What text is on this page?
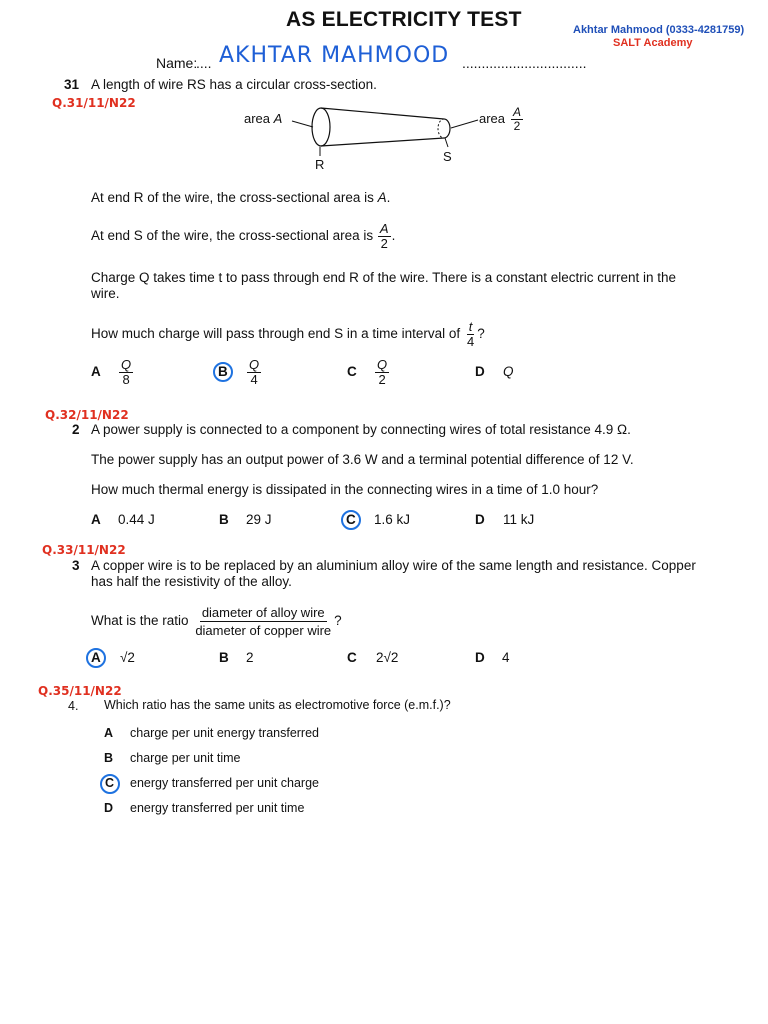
AS ELECTRICITY TEST	Akhtar Mahmood (0333-4281759)
SALT Academy
Name:
.... AKHTAR MAHMOOD ................................
Q.31/11/N22
31 A length of wire RS has a circular cross-section.
area A	area $\frac{A}{2}$
R
S
At end R of the wire, the cross-sectional area is A.
At end S of the wire, the cross-sectional area is $\frac{A}{2}$ .
Charge Q takes time t to pass through end R of the wire. There is a constant electric current in the wire.
How much charge will pass through end S in a time interval of $\frac{t}{4}$ ?
A $\frac{Q}{8}$	B $\frac{Q}{4}$	C $\frac{Q}{2}$	D Q
Q.32/11/N22
2 A power supply is connected to a component by connecting wires of total resistance 4.9 Ω.
The power supply has an output power of 3.6 W and a terminal potential difference of 12 V.
How much thermal energy is dissipated in the connecting wires in a time of 1.0 hour?
A 0.44 J	B 29 J	C 1.6 kJ	D 11 kJ
Q.33/11/N22
3 A copper wire is to be replaced by an aluminium alloy wire of the same length and resistance. Copper has half the resistivity of the alloy.
What is the ratio $\frac{\text{diameter of alloy wire}}{\text{diameter of copper wire}}$ ?
A √2	B 2	C 2√2	D 4
Q.35/11/N22
4. Which ratio has the same units as electromotive force (e.m.f.)?
A charge per unit energy transferred
B charge per unit time
C energy transferred per unit charge
D energy transferred per unit time
